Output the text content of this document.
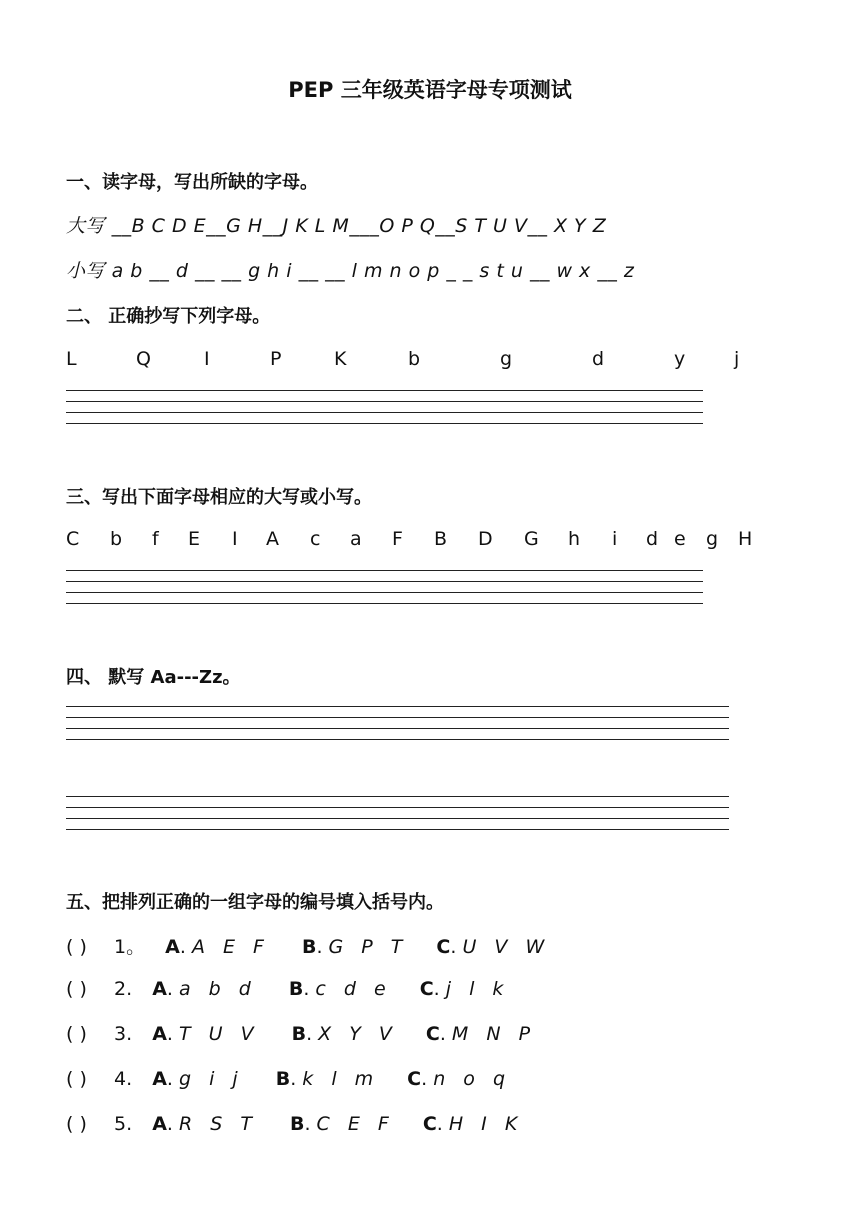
PEP 三年级英语字母专项测试
一、读字母，写出所缺的字母。
大写 __B C D E__G H__J K L M___O P Q__S T U V__ X Y Z
小写 a b __ d __ __ g h i __ __ l m n o p _ _ s t u __ w x __ z
二、 正确抄写下列字母。
L	Q	I	P	K	b	g	d	y	j
三、写出下面字母相应的大写或小写。
C b f E I A c a F B D G h i d e g H
四、 默写 Aa---Zz。
五、把排列正确的一组字母的编号填入括号内。
( ) 1。 A. A E F B. G P T C. U V W
( ) 2. A. a b d B. c d e C. j l k
( ) 3. A. T U V B. X Y V C. M N P
( ) 4. A. g i j B. k l m C. n o q
( ) 5. A. R S T B. C E F C. H I K
